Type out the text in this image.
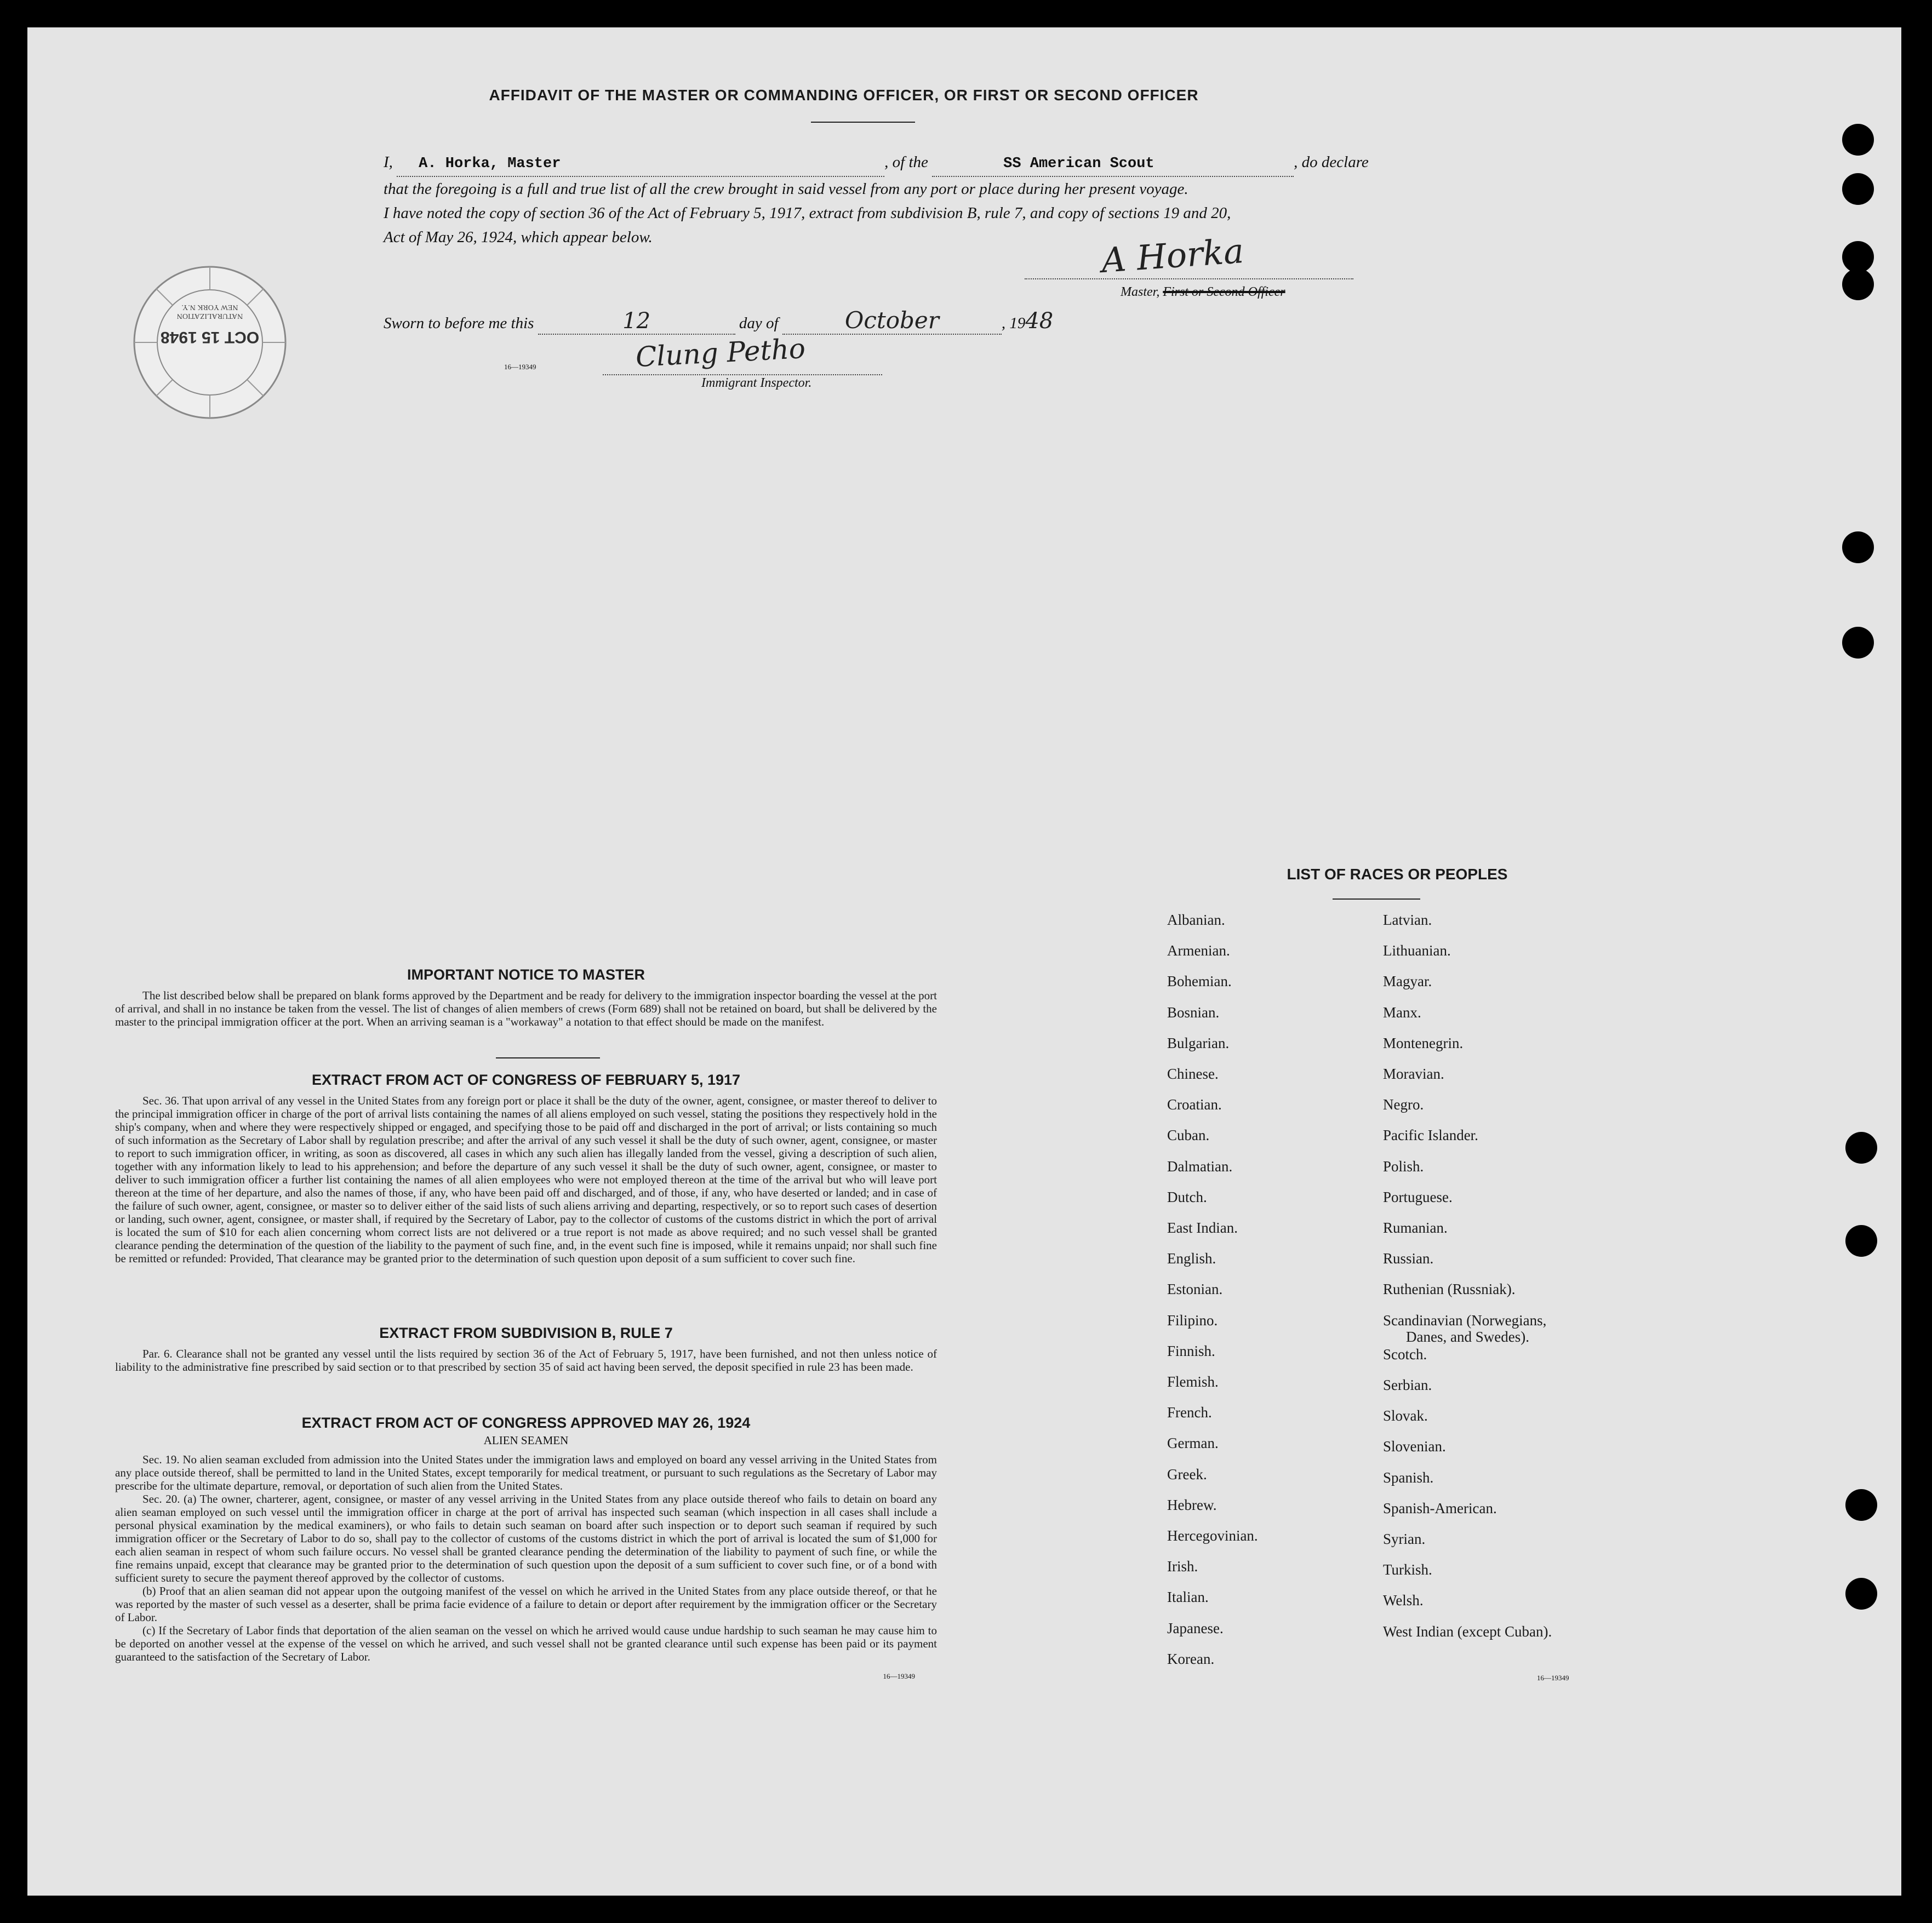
AFFIDAVIT OF THE MASTER OR COMMANDING OFFICER, OR FIRST OR SECOND OFFICER
I, A. Horka, Master	, of the	SS American Scout	, do declare
that the foregoing is a full and true list of all the crew brought in said vessel from any port or place during her present voyage.
I have noted the copy of section 36 of the Act of February 5, 1917, extract from subdivision B, rule 7, and copy of sections 19 and 20,
Act of May 26, 1924, which appear below.	A Horka
Master, First or Second Officer
Sworn to before me this	12	day of	October	, 1948
Clung Petho
Immigrant Inspector.
16—19349
OCT 15 1948
NATURALIZATION NEW YORK N.Y.
IMPORTANT NOTICE TO MASTER
The list described below shall be prepared on blank forms approved by the Department and be ready for delivery to the immigration inspector boarding the vessel at the port of arrival, and shall in no instance be taken from the vessel. The list of changes of alien members of crews (Form 689) shall not be retained on board, but shall be delivered by the master to the principal immigration officer at the port. When an arriving seaman is a "workaway" a notation to that effect should be made on the manifest.
EXTRACT FROM ACT OF CONGRESS OF FEBRUARY 5, 1917
Sec. 36. That upon arrival of any vessel in the United States from any foreign port or place it shall be the duty of the owner, agent, consignee, or master thereof to deliver to the principal immigration officer in charge of the port of arrival lists containing the names of all aliens employed on such vessel, stating the positions they respectively hold in the ship's company, when and where they were respectively shipped or engaged, and specifying those to be paid off and discharged in the port of arrival; or lists containing so much of such information as the Secretary of Labor shall by regulation prescribe; and after the arrival of any such vessel it shall be the duty of such owner, agent, consignee, or master to report to such immigration officer, in writing, as soon as discovered, all cases in which any such alien has illegally landed from the vessel, giving a description of such alien, together with any information likely to lead to his apprehension; and before the departure of any such vessel it shall be the duty of such owner, agent, consignee, or master to deliver to such immigration officer a further list containing the names of all alien employees who were not employed thereon at the time of the arrival but who will leave port thereon at the time of her departure, and also the names of those, if any, who have been paid off and discharged, and of those, if any, who have deserted or landed; and in case of the failure of such owner, agent, consignee, or master so to deliver either of the said lists of such aliens arriving and departing, respectively, or so to report such cases of desertion or landing, such owner, agent, consignee, or master shall, if required by the Secretary of Labor, pay to the collector of customs of the customs district in which the port of arrival is located the sum of $10 for each alien concerning whom correct lists are not delivered or a true report is not made as above required; and no such vessel shall be granted clearance pending the determination of the question of the liability to the payment of such fine, and, in the event such fine is imposed, while it remains unpaid; nor shall such fine be remitted or refunded: Provided, That clearance may be granted prior to the determination of such question upon deposit of a sum sufficient to cover such fine.
EXTRACT FROM SUBDIVISION B, RULE 7
Par. 6. Clearance shall not be granted any vessel until the lists required by section 36 of the Act of February 5, 1917, have been furnished, and not then unless notice of liability to the administrative fine prescribed by said section or to that prescribed by section 35 of said act having been served, the deposit specified in rule 23 has been made.
EXTRACT FROM ACT OF CONGRESS APPROVED MAY 26, 1924
ALIEN SEAMEN
Sec. 19. No alien seaman excluded from admission into the United States under the immigration laws and employed on board any vessel arriving in the United States from any place outside thereof, shall be permitted to land in the United States, except temporarily for medical treatment, or pursuant to such regulations as the Secretary of Labor may prescribe for the ultimate departure, removal, or deportation of such alien from the United States.
Sec. 20. (a) The owner, charterer, agent, consignee, or master of any vessel arriving in the United States from any place outside thereof who fails to detain on board any alien seaman employed on such vessel until the immigration officer in charge at the port of arrival has inspected such seaman (which inspection in all cases shall include a personal physical examination by the medical examiners), or who fails to detain such seaman on board after such inspection or to deport such seaman if required by such immigration officer or the Secretary of Labor to do so, shall pay to the collector of customs of the customs district in which the port of arrival is located the sum of $1,000 for each alien seaman in respect of whom such failure occurs. No vessel shall be granted clearance pending the determination of the liability to payment of such fine, or while the fine remains unpaid, except that clearance may be granted prior to the determination of such question upon the deposit of a sum sufficient to cover such fine, or of a bond with sufficient surety to secure the payment thereof approved by the collector of customs.
(b) Proof that an alien seaman did not appear upon the outgoing manifest of the vessel on which he arrived in the United States from any place outside thereof, or that he was reported by the master of such vessel as a deserter, shall be prima facie evidence of a failure to detain or deport after requirement by the immigration officer or the Secretary of Labor.
(c) If the Secretary of Labor finds that deportation of the alien seaman on the vessel on which he arrived would cause undue hardship to such seaman he may cause him to be deported on another vessel at the expense of the vessel on which he arrived, and such vessel shall not be granted clearance until such expense has been paid or its payment guaranteed to the satisfaction of the Secretary of Labor.
16—19349
LIST OF RACES OR PEOPLES
Albanian.
Armenian.
Bohemian.
Bosnian.
Bulgarian.
Chinese.
Croatian.
Cuban.
Dalmatian.
Dutch.
East Indian.
English.
Estonian.
Filipino.
Finnish.
Flemish.
French.
German.
Greek.
Hebrew.
Hercegovinian.
Irish.
Italian.
Japanese.
Korean.
Latvian.
Lithuanian.
Magyar.
Manx.
Montenegrin.
Moravian.
Negro.
Pacific Islander.
Polish.
Portuguese.
Rumanian.
Russian.
Ruthenian (Russniak).
Scandinavian (Norwegians,
Danes, and Swedes).
Scotch.
Serbian.
Slovak.
Slovenian.
Spanish.
Spanish-American.
Syrian.
Turkish.
Welsh.
West Indian (except Cuban).
16—19349
